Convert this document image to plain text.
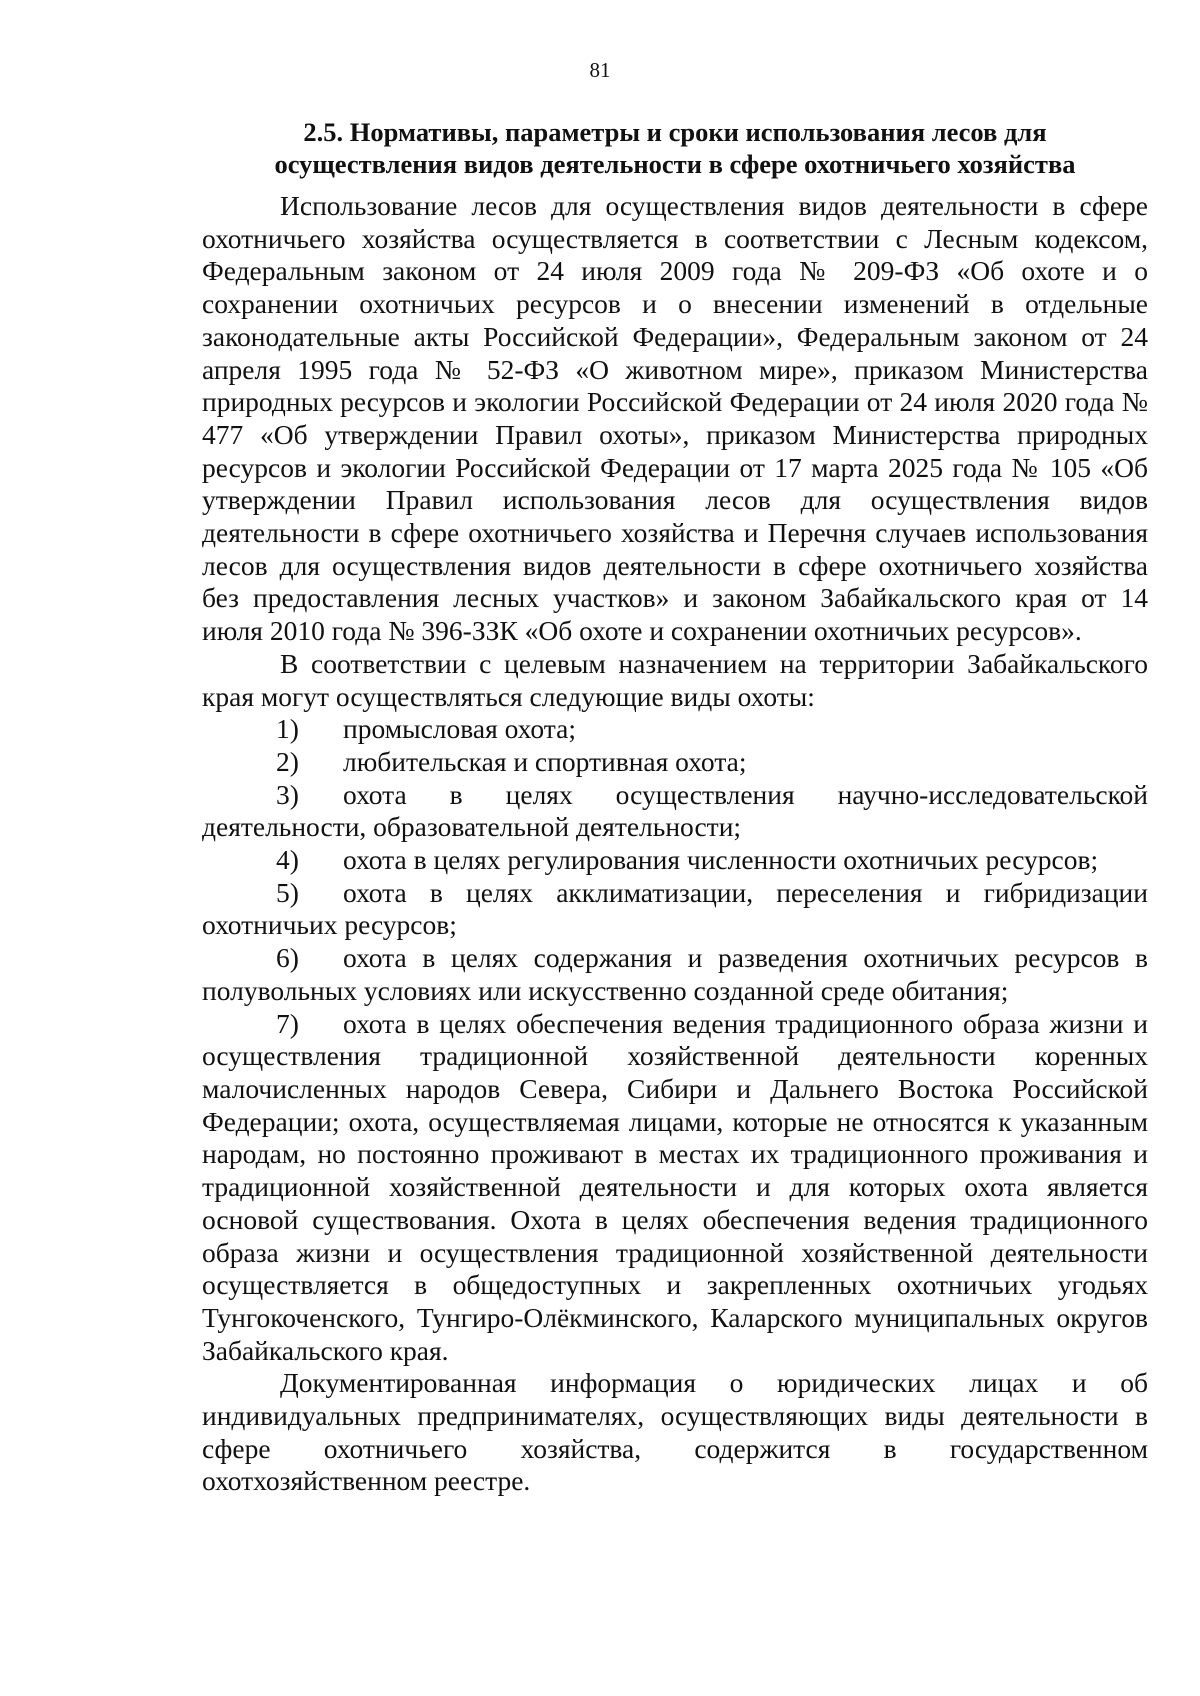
81

2.5. Нормативы, параметры и сроки использования лесов для
осуществления видов деятельности в сфере охотничьего хозяйства

Использование лесов для осуществления видов деятельности в сфере охотничьего хозяйства осуществляется в соответствии с Лесным кодексом, Федеральным законом от 24 июля 2009 года № 209-ФЗ «Об охоте и о сохранении охотничьих ресурсов и о внесении изменений в отдельные законодательные акты Российской Федерации», Федеральным законом от 24 апреля 1995 года № 52-ФЗ «О животном мире», приказом Министерства природных ресурсов и экологии Российской Федерации от 24 июля 2020 года № 477 «Об утверждении Правил охоты», приказом Министерства природных ресурсов и экологии Российской Федерации от 17 марта 2025 года № 105 «Об утверждении Правил использования лесов для осуществления видов деятельности в сфере охотничьего хозяйства и Перечня случаев использования лесов для осуществления видов деятельности в сфере охотничьего хозяйства без предоставления лесных участков» и законом Забайкальского края от 14 июля 2010 года № 396-ЗЗК «Об охоте и сохранении охотничьих ресурсов».

В соответствии с целевым назначением на территории Забайкальского края могут осуществляться следующие виды охоты:

1) промысловая охота;
2) любительская и спортивная охота;
3) охота в целях осуществления научно-исследовательской деятельности, образовательной деятельности;
4) охота в целях регулирования численности охотничьих ресурсов;
5) охота в целях акклиматизации, переселения и гибридизации охотничьих ресурсов;
6) охота в целях содержания и разведения охотничьих ресурсов в полувольных условиях или искусственно созданной среде обитания;
7) охота в целях обеспечения ведения традиционного образа жизни и осуществления традиционной хозяйственной деятельности коренных малочисленных народов Севера, Сибири и Дальнего Востока Российской Федерации; охота, осуществляемая лицами, которые не относятся к указанным народам, но постоянно проживают в местах их традиционного проживания и традиционной хозяйственной деятельности и для которых охота является основой существования. Охота в целях обеспечения ведения традиционного образа жизни и осуществления традиционной хозяйственной деятельности осуществляется в общедоступных и закрепленных охотничьих угодьях Тунгокоченского, Тунгиро-Олёкминского, Каларского муниципальных округов Забайкальского края.

Документированная информация о юридических лицах и об индивидуальных предпринимателях, осуществляющих виды деятельности в сфере охотничьего хозяйства, содержится в государственном охотхозяйственном реестре.
